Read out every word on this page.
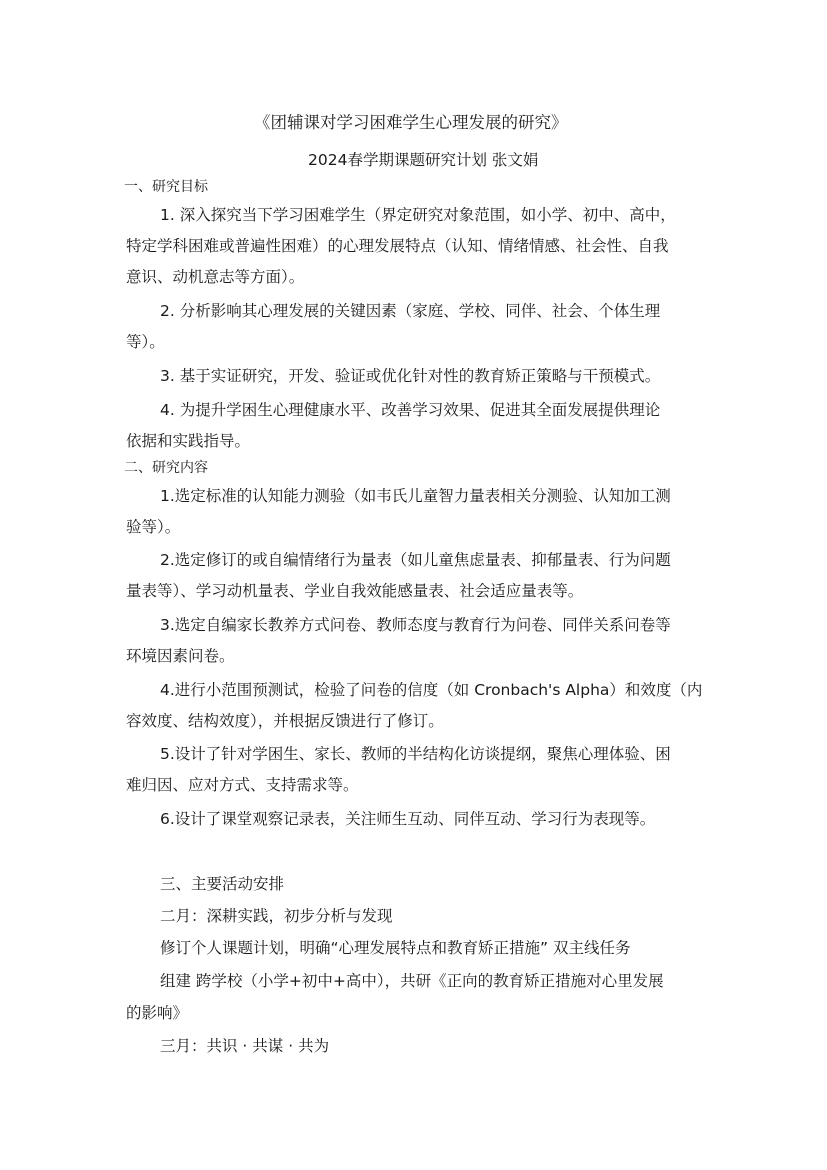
《团辅课对学习困难学生心理发展的研究》
2024春学期课题研究计划 张文娟
一、研究目标
1. 深入探究当下学习困难学生（界定研究对象范围，如小学、初中、高中，
特定学科困难或普遍性困难）的心理发展特点（认知、情绪情感、社会性、自我
意识、动机意志等方面）。
2. 分析影响其心理发展的关键因素（家庭、学校、同伴、社会、个体生理
等）。
3. 基于实证研究，开发、验证或优化针对性的教育矫正策略与干预模式。
4. 为提升学困生心理健康水平、改善学习效果、促进其全面发展提供理论
依据和实践指导。
二、研究内容
1.选定标准的认知能力测验（如韦氏儿童智力量表相关分测验、认知加工测
验等）。
2.选定修订的或自编情绪行为量表（如儿童焦虑量表、抑郁量表、行为问题
量表等）、学习动机量表、学业自我效能感量表、社会适应量表等。
3.选定自编家长教养方式问卷、教师态度与教育行为问卷、同伴关系问卷等
环境因素问卷。
4.进行小范围预测试，检验了问卷的信度（如 Cronbach's Alpha）和效度（内
容效度、结构效度），并根据反馈进行了修订。
5.设计了针对学困生、家长、教师的半结构化访谈提纲，聚焦心理体验、困
难归因、应对方式、支持需求等。
6.设计了课堂观察记录表，关注师生互动、同伴互动、学习行为表现等。
三、主要活动安排
二月：深耕实践，初步分析与发现
修订个人课题计划，明确“心理发展特点和教育矫正措施” 双主线任务
组建 跨学校（小学+初中+高中），共研《正向的教育矫正措施对心里发展
的影响》
三月：共识 · 共谋 · 共为
